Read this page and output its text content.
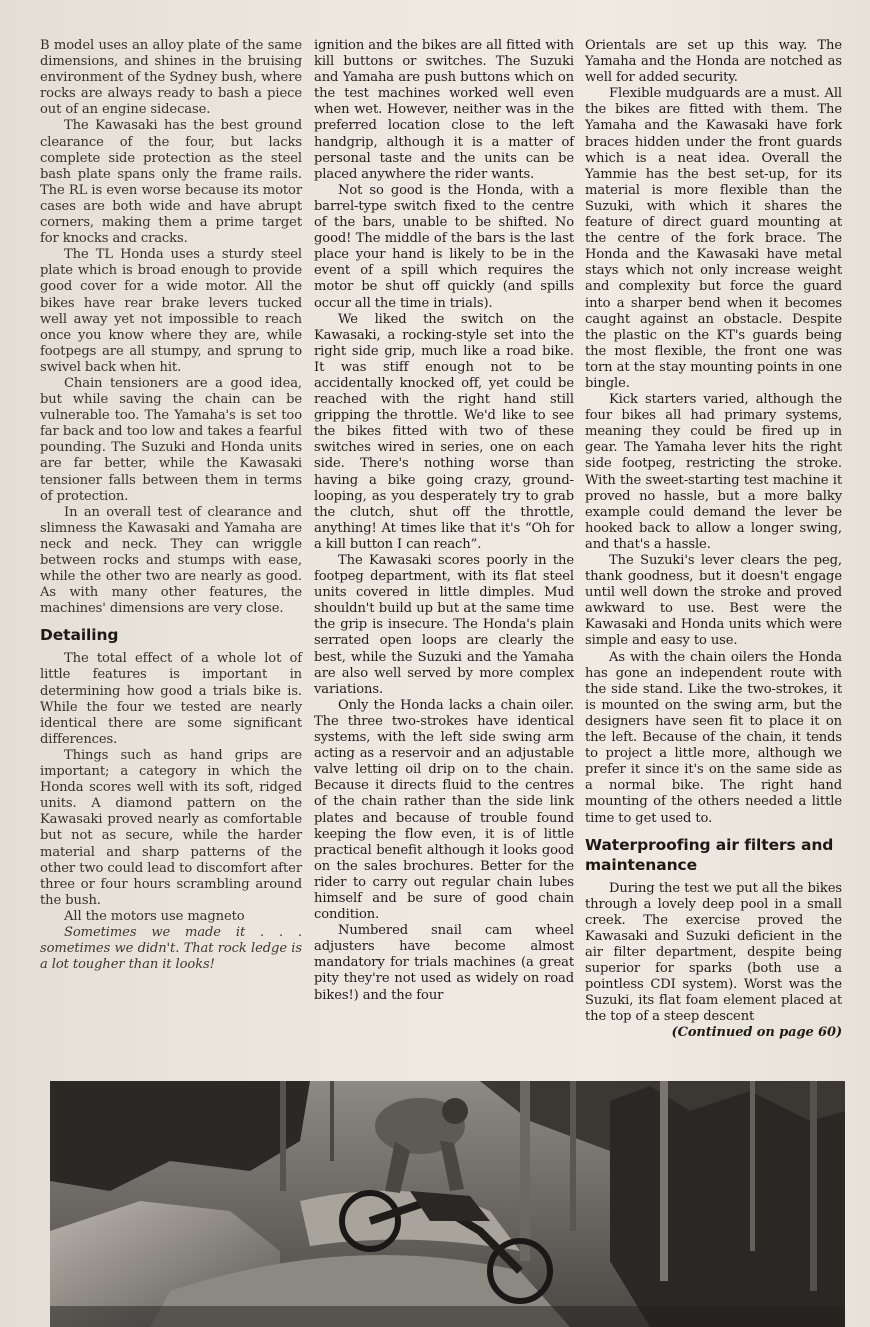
B model uses an alloy plate of the same dimensions, and shines in the bruising environment of the Sydney bush, where rocks are always ready to bash a piece out of an engine sidecase.

The Kawasaki has the best ground clearance of the four, but lacks complete side protection as the steel bash plate spans only the frame rails. The RL is even worse because its motor cases are both wide and have abrupt corners, making them a prime target for knocks and cracks.

The TL Honda uses a sturdy steel plate which is broad enough to provide good cover for a wide motor. All the bikes have rear brake levers tucked well away yet not impossible to reach once you know where they are, while footpegs are all stumpy, and sprung to swivel back when hit.

Chain tensioners are a good idea, but while saving the chain can be vulnerable too. The Yamaha's is set too far back and too low and takes a fearful pounding. The Suzuki and Honda units are far better, while the Kawasaki tensioner falls between them in terms of protection.

In an overall test of clearance and slimness the Kawasaki and Yamaha are neck and neck. They can wriggle between rocks and stumps with ease, while the other two are nearly as good. As with many other features, the machines' dimensions are very close.

Detailing

The total effect of a whole lot of little features is important in determining how good a trials bike is. While the four we tested are nearly identical there are some significant differences.

Things such as hand grips are important; a category in which the Honda scores well with its soft, ridged units. A diamond pattern on the Kawasaki proved nearly as comfortable but not as secure, while the harder material and sharp patterns of the other two could lead to discomfort after three or four hours scrambling around the bush.

All the motors use magneto

Sometimes we made it . . . sometimes we didn't. That rock ledge is a lot tougher than it looks!

ignition and the bikes are all fitted with kill buttons or switches. The Suzuki and Yamaha are push buttons which on the test machines worked well even when wet. However, neither was in the preferred location close to the left handgrip, although it is a matter of personal taste and the units can be placed anywhere the rider wants.

Not so good is the Honda, with a barrel-type switch fixed to the centre of the bars, unable to be shifted. No good! The middle of the bars is the last place your hand is likely to be in the event of a spill which requires the motor be shut off quickly (and spills occur all the time in trials).

We liked the switch on the Kawasaki, a rocking-style set into the right side grip, much like a road bike. It was stiff enough not to be accidentally knocked off, yet could be reached with the right hand still gripping the throttle. We'd like to see the bikes fitted with two of these switches wired in series, one on each side. There's nothing worse than having a bike going crazy, ground-looping, as you desperately try to grab the clutch, shut off the throttle, anything! At times like that it's “Oh for a kill button I can reach”.

The Kawasaki scores poorly in the footpeg department, with its flat steel units covered in little dimples. Mud shouldn't build up but at the same time the grip is insecure. The Honda's plain serrated open loops are clearly the best, while the Suzuki and the Yamaha are also well served by more complex variations.

Only the Honda lacks a chain oiler. The three two-strokes have identical systems, with the left side swing arm acting as a reservoir and an adjustable valve letting oil drip on to the chain. Because it directs fluid to the centres of the chain rather than the side link plates and because of trouble found keeping the flow even, it is of little practical benefit although it looks good on the sales brochures. Better for the rider to carry out regular chain lubes himself and be sure of good chain condition.

Numbered snail cam wheel adjusters have become almost mandatory for trials machines (a great pity they're not used as widely on road bikes!) and the four

Orientals are set up this way. The Yamaha and the Honda are notched as well for added security.

Flexible mudguards are a must. All the bikes are fitted with them. The Yamaha and the Kawasaki have fork braces hidden under the front guards which is a neat idea. Overall the Yammie has the best set-up, for its material is more flexible than the Suzuki, with which it shares the feature of direct guard mounting at the centre of the fork brace. The Honda and the Kawasaki have metal stays which not only increase weight and complexity but force the guard into a sharper bend when it becomes caught against an obstacle. Despite the plastic on the KT's guards being the most flexible, the front one was torn at the stay mounting points in one bingle.

Kick starters varied, although the four bikes all had primary systems, meaning they could be fired up in gear. The Yamaha lever hits the right side footpeg, restricting the stroke. With the sweet-starting test machine it proved no hassle, but a more balky example could demand the lever be hooked back to allow a longer swing, and that's a hassle.

The Suzuki's lever clears the peg, thank goodness, but it doesn't engage until well down the stroke and proved awkward to use. Best were the Kawasaki and Honda units which were simple and easy to use.

As with the chain oilers the Honda has gone an independent route with the side stand. Like the two-strokes, it is mounted on the swing arm, but the designers have seen fit to place it on the left. Because of the chain, it tends to project a little more, although we prefer it since it's on the same side as a normal bike. The right hand mounting of the others needed a little time to get used to.

Waterproofing air filters and maintenance

During the test we put all the bikes through a lovely deep pool in a small creek. The exercise proved the Kawasaki and Suzuki deficient in the air filter department, despite being superior for sparks (both use a pointless CDI system). Worst was the Suzuki, its flat foam element placed at the top of a steep descent

(Continued on page 60)
